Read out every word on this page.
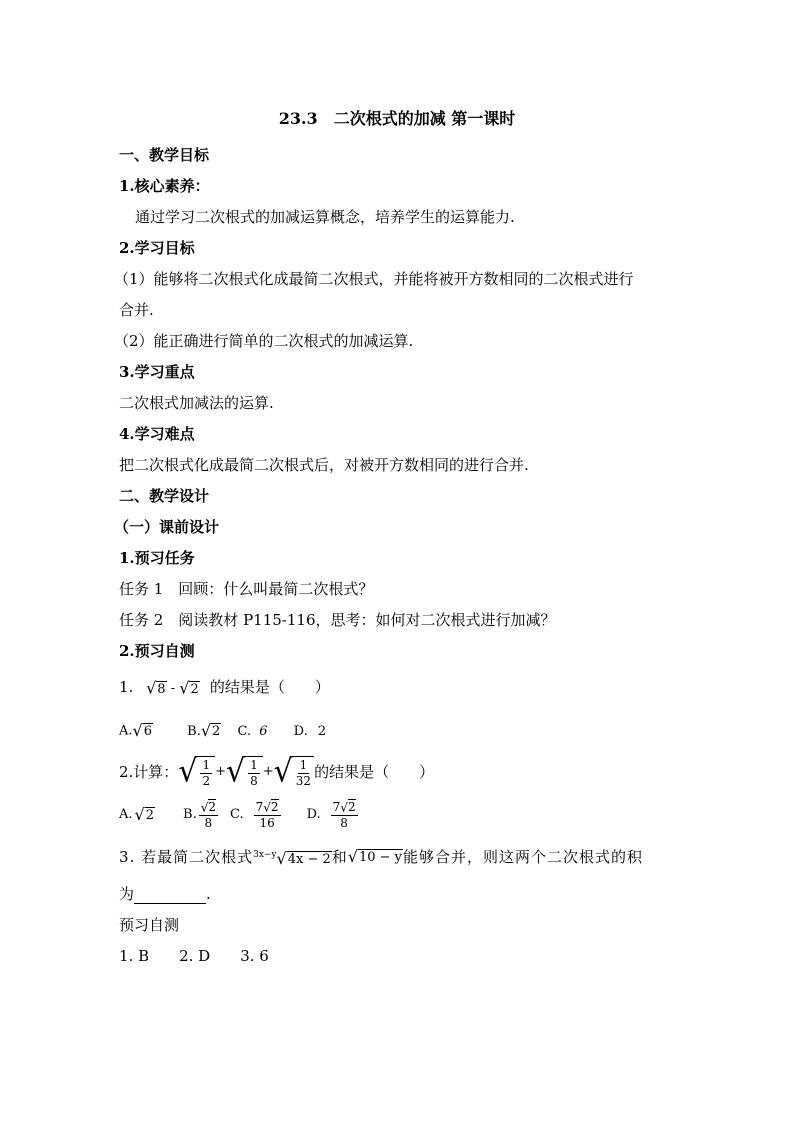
23.3　二次根式的加减 第一课时
一、教学目标
1.核心素养：
通过学习二次根式的加减运算概念，培养学生的运算能力.
2.学习目标
（1）能够将二次根式化成最简二次根式，并能将被开方数相同的二次根式进行
合并.
（2）能正确进行简单的二次根式的加减运算.
3.学习重点
二次根式加减法的运算.
4.学习难点
把二次根式化成最简二次根式后，对被开方数相同的进行合并.
二、教学设计
（一）课前设计
1.预习任务
任务 1　回顾：什么叫最简二次根式？
任务 2　阅读教材 P115-116，思考：如何对二次根式进行加减？
2.预习自测
1. √8 - √2 的结果是（　　）
A.√6	B.√2 C. 6 D. 2
2.计算： √ $\frac{1}{2}$ + √ $\frac{1}{8}$ + √ $\frac{1}{32}$ 的结果是（　　）
A. √ 2 B. $\frac{√2}{8} C$. $\frac{7√2}{16} D$. $\frac{7√2}{8}$
3. 若最简二次根式 $^{3x-y}$√4x − 2 和 √10 − y 能够合并，则这两个二次根式的积
为	.
预习自测
1. B　　2. D　　3. 6
